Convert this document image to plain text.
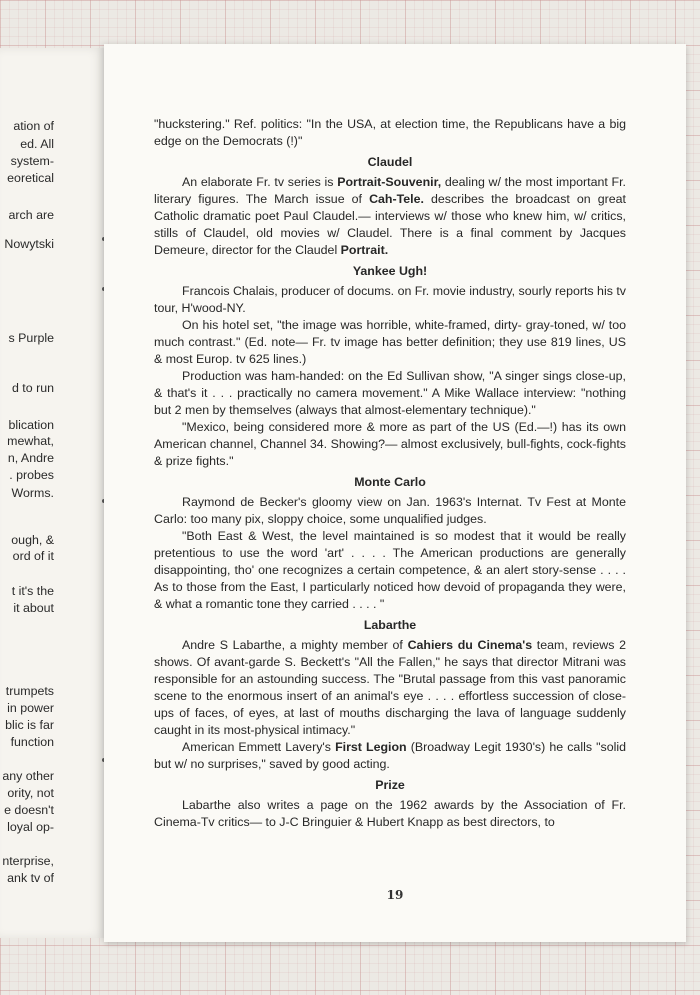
ation of
ed. All
system-
eoretical
arch are
Nowytski
s Purple
d to run
blication
mewhat,
n, Andre
. probes
Worms.
ough, &
ord of it
t it's the
it about
trumpets
in power
blic is far
function
any other
ority, not
e doesn't
loyal op-
nterprise,
ank tv of

"huckstering." Ref. politics: "In the USA, at election time, the Republicans have a big edge on the Democrats (!)"

Claudel

An elaborate Fr. tv series is Portrait-Souvenir, dealing w/ the most important Fr. literary figures. The March issue of Cah-Tele. describes the broadcast on great Catholic dramatic poet Paul Claudel.— interviews w/ those who knew him, w/ critics, stills of Claudel, old movies w/ Claudel. There is a final comment by Jacques Demeure, director for the Claudel Portrait.

Yankee Ugh!

Francois Chalais, producer of docums. on Fr. movie industry, sourly reports his tv tour, H'wood-NY.

On his hotel set, "the image was horrible, white-framed, dirty- gray-toned, w/ too much contrast." (Ed. note— Fr. tv image has better definition; they use 819 lines, US & most Europ. tv 625 lines.)

Production was ham-handed: on the Ed Sullivan show, "A singer sings close-up, & that's it . . . practically no camera movement." A Mike Wallace interview: "nothing but 2 men by themselves (always that almost-elementary technique)."

"Mexico, being considered more & more as part of the US (Ed.—!) has its own American channel, Channel 34. Showing?— almost exclusively, bull-fights, cock-fights & prize fights."

Monte Carlo

Raymond de Becker's gloomy view on Jan. 1963's Internat. Tv Fest at Monte Carlo: too many pix, sloppy choice, some unqualified judges.

"Both East & West, the level maintained is so modest that it would be really pretentious to use the word 'art' . . . . The American productions are generally disappointing, tho' one recognizes a certain competence, & an alert story-sense . . . . As to those from the East, I particularly noticed how devoid of propaganda they were, & what a romantic tone they carried . . . . "

Labarthe

Andre S Labarthe, a mighty member of Cahiers du Cinema's team, reviews 2 shows. Of avant-garde S. Beckett's "All the Fallen," he says that director Mitrani was responsible for an astounding success. The "Brutal passage from this vast panoramic scene to the enormous insert of an animal's eye . . . . effortless succession of close-ups of faces, of eyes, at last of mouths discharging the lava of language suddenly caught in its most-physical intimacy."

American Emmett Lavery's First Legion (Broadway Legit 1930's) he calls "solid but w/ no surprises," saved by good acting.

Prize

Labarthe also writes a page on the 1962 awards by the Association of Fr. Cinema-Tv critics— to J-C Bringuier & Hubert Knapp as best directors, to

19
